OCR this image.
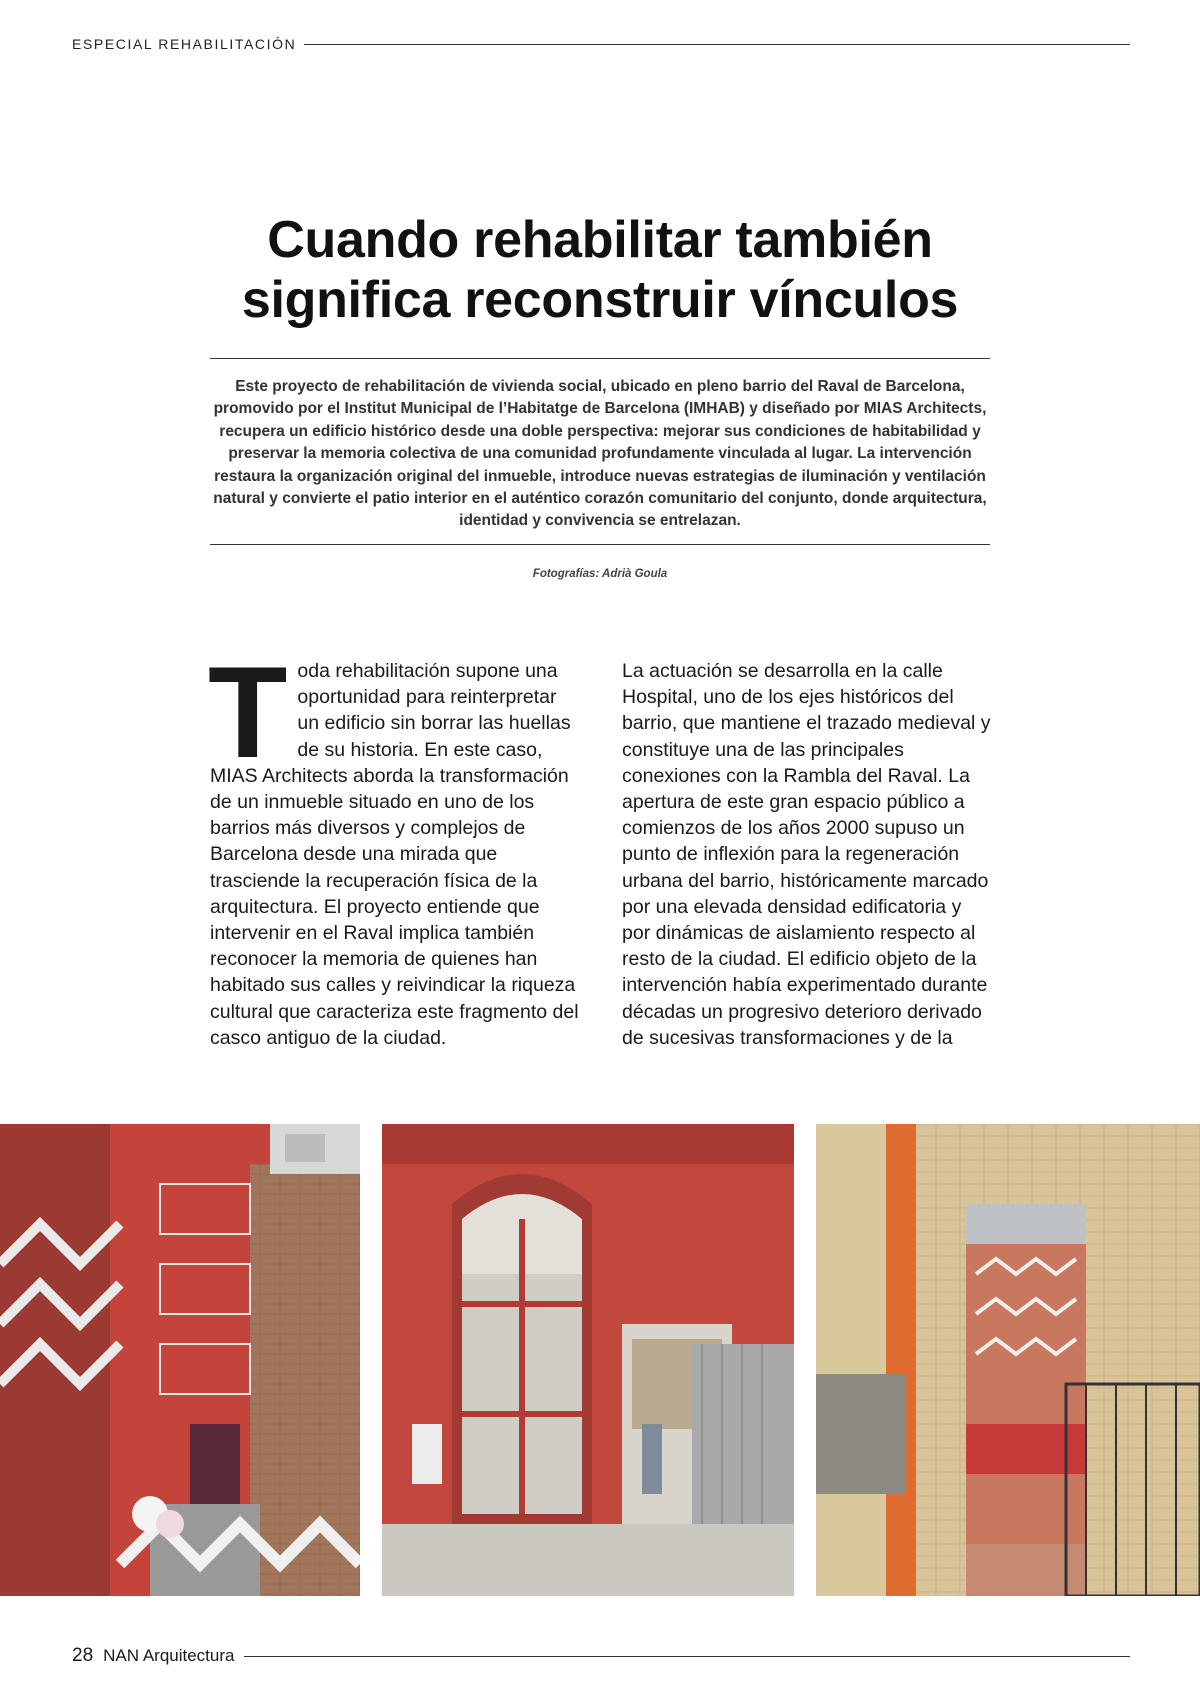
ESPECIAL REHABILITACIÓN
Cuando rehabilitar también
significa reconstruir vínculos

Este proyecto de rehabilitación de vivienda social, ubicado en pleno barrio del Raval de Barcelona, promovido por el Institut Municipal de l’Habitatge de Barcelona (IMHAB) y diseñado por MIAS Architects, recupera un edificio histórico desde una doble perspectiva: mejorar sus condiciones de habitabilidad y preservar la memoria colectiva de una comunidad profundamente vinculada al lugar. La intervención restaura la organización original del inmueble, introduce nuevas estrategias de iluminación y ventilación natural y convierte el patio interior en el auténtico corazón comunitario del conjunto, donde arquitectura, identidad y convivencia se entrelazan.

Fotografías: Adrià Goula

T oda rehabilitación supone una oportunidad para reinterpretar un edificio sin borrar las huellas de su historia. En este caso, MIAS Architects aborda la transformación de un inmueble situado en uno de los barrios más diversos y complejos de Barcelona desde una mirada que trasciende la recuperación física de la arquitectura. El proyecto entiende que intervenir en el Raval implica también reconocer la memoria de quienes han habitado sus calles y reivindicar la riqueza cultural que caracteriza este fragmento del casco antiguo de la ciudad.

La actuación se desarrolla en la calle Hospital, uno de los ejes históricos del barrio, que mantiene el trazado medieval y constituye una de las principales conexiones con la Rambla del Raval. La apertura de este gran espacio público a comienzos de los años 2000 supuso un punto de inflexión para la regeneración urbana del barrio, históricamente marcado por una elevada densidad edificatoria y por dinámicas de aislamiento respecto al resto de la ciudad. El edificio objeto de la intervención había experimentado durante décadas un progresivo deterioro derivado de sucesivas transformaciones y de la

28 NAN Arquitectura
